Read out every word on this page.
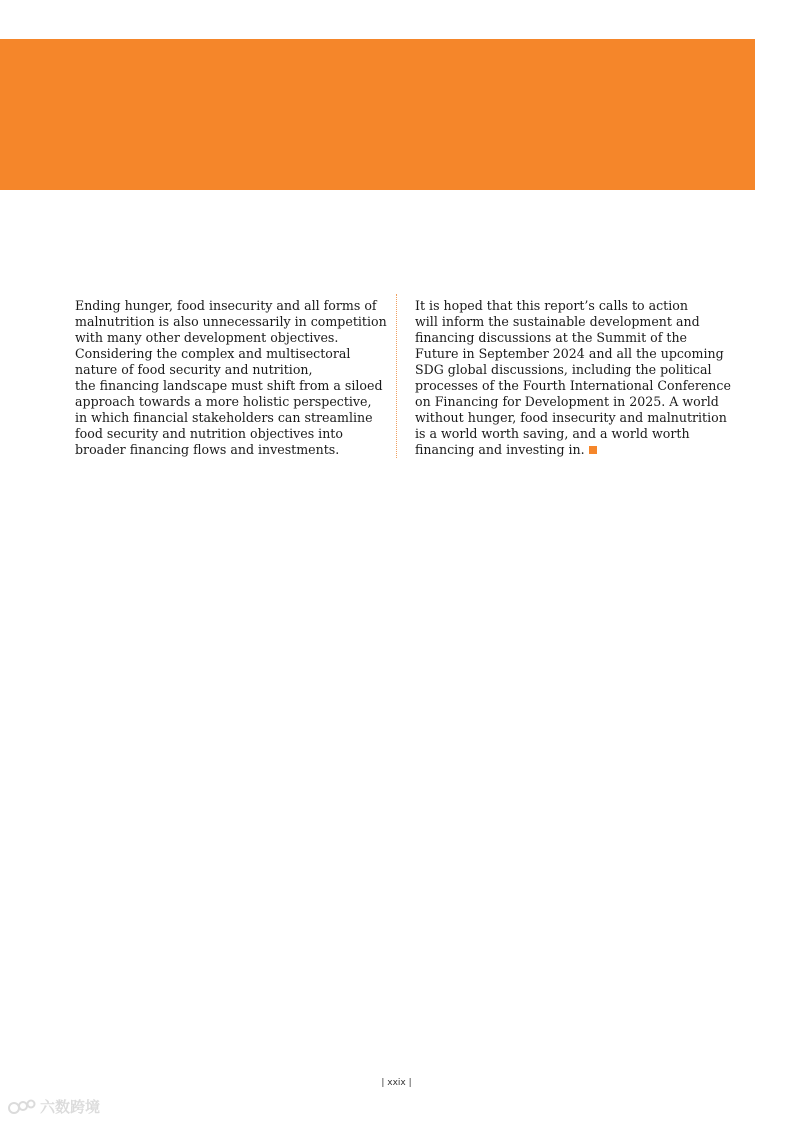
Ending hunger, food insecurity and all forms of
malnutrition is also unnecessarily in competition
with many other development objectives.
Considering the complex and multisectoral
nature of food security and nutrition,
the financing landscape must shift from a siloed
approach towards a more holistic perspective,
in which financial stakeholders can streamline
food security and nutrition objectives into
broader financing flows and investments.
It is hoped that this report’s calls to action
will inform the sustainable development and
financing discussions at the Summit of the
Future in September 2024 and all the upcoming
SDG global discussions, including the political
processes of the Fourth International Conference
on Financing for Development in 2025. A world
without hunger, food insecurity and malnutrition
is a world worth saving, and a world worth
financing and investing in.
| xxix |
六数跨境
